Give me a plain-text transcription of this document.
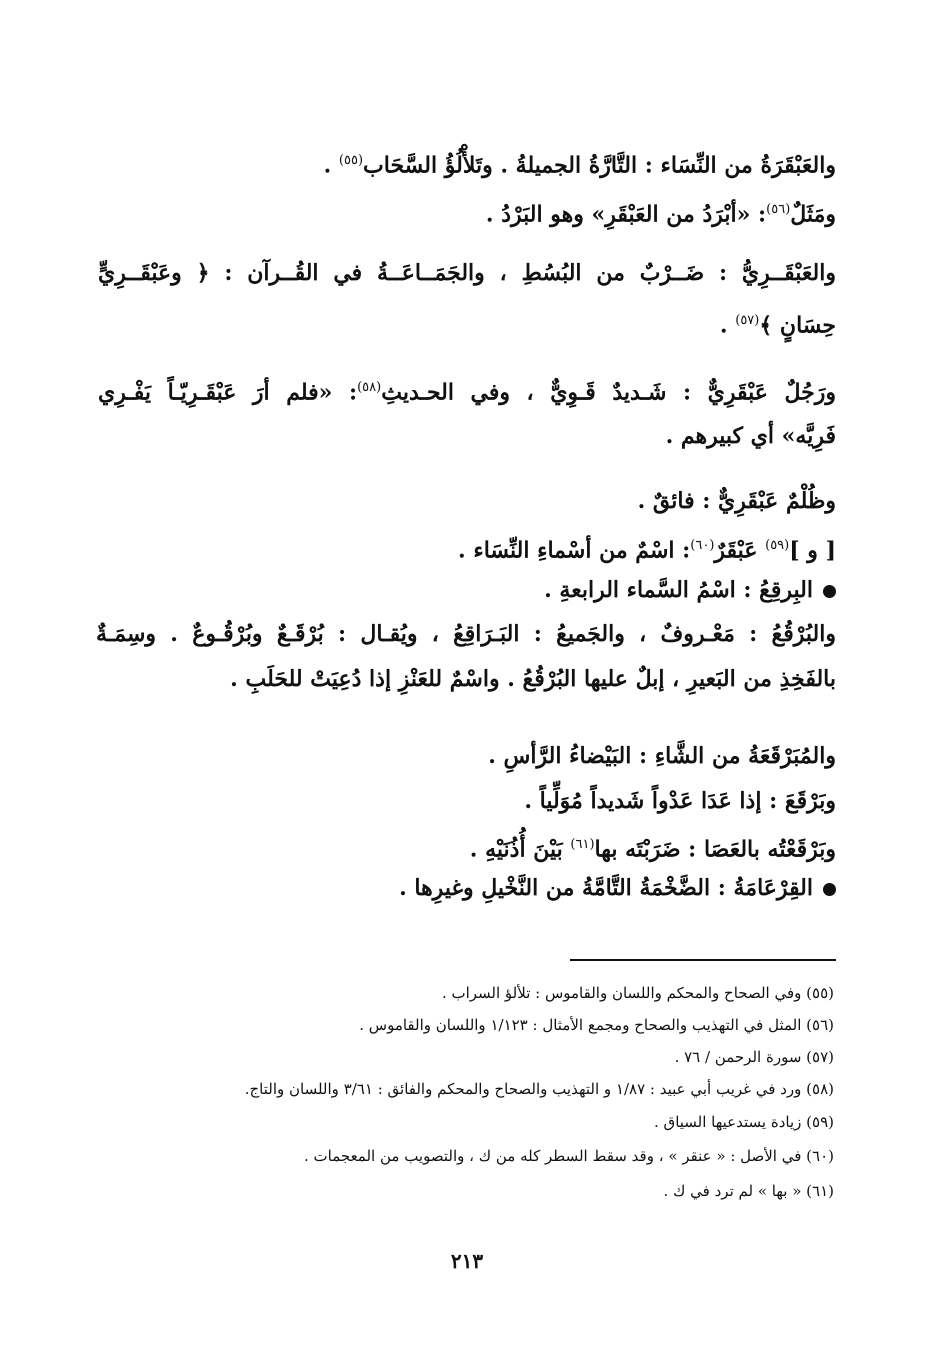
والعَبْقَرَةُ من النِّسَاء : التَّارَّةُ الجميلةُ . وتَلأْلُؤُ السَّحَاب$^{(٥٥)}$ .
ومَثَلٌ$^{(٥٦)}$: «أبْرَدُ من العَبْقَرِ» وهو البَرْدُ .
والعَبْقَــرِيُّ : ضَــرْبٌ من البُسُطِ ، والجَمَــاعَــةُ في القُــرآن : ﴿ وعَبْقَــرِيٍّ
حِسَانٍ ﴾$^{(٥٧)}$ .
ورَجُلٌ عَبْقَرِيٌّ : شَـديدٌ قَـوِيٌّ ، وفي الحـديثِ$^{(٥٨)}$: «فلم أرَ عَبْقَـرِيّـاً يَفْـرِي
فَرِيَّه» أي كبيرهم .
وظُلْمٌ عَبْقَرِيٌّ : فائقٌ .
[ و ]$^{(٥٩)}$ عَبْقَرٌ$^{(٦٠)}$: اسْمٌ من أسْماءِ النِّسَاء .
البِرقِعُ : اسْمُ السَّماء الرابعةِ .
والبُرْقُعُ : مَعْـروفٌ ، والجَميعُ : البَـرَاقِعُ ، ويُقـال : بُرْقَـعٌ وبُرْقُـوعٌ . وسِمَـةٌ
بالفَخِذِ من البَعيرِ ، إبلٌ عليها البُرْقُعُ . واسْمٌ للعَنْزِ إذا دُعِيَتْ للحَلَبِ .
والمُبَرْقَعَةُ من الشَّاءِ : البَيْضاءُ الرَّأسِ .
وبَرْقَعَ : إذا عَدَا عَدْواً شَديداً مُوَلِّياً .
وبَرْقَعْتُه بالعَصَا : ضَرَبْتَه بها$^{(٦١)}$ بَيْنَ أُذُنَيْهِ .
القِرْعَامَةُ : الضَّخْمَةُ التَّامَّةُ من النَّخْيلِ وغيرِها .
(٥٥) وفي الصحاح والمحكم واللسان والقاموس : تلألؤ السراب .
(٥٦) المثل في التهذيب والصحاح ومجمع الأمثال : ١/١٢٣ واللسان والقاموس .
(٥٧) سورة الرحمن / ٧٦ .
(٥٨) ورد في غريب أبي عبيد : ١/٨٧ و التهذيب والصحاح والمحكم والفائق : ٣/٦١ واللسان والتاج.
(٥٩) زيادة يستدعيها السياق .
(٦٠) في الأصل : « عنقر » ، وقد سقط السطر كله من ك ، والتصويب من المعجمات .
(٦١) « بها » لم ترد في ك .
٢١٣
